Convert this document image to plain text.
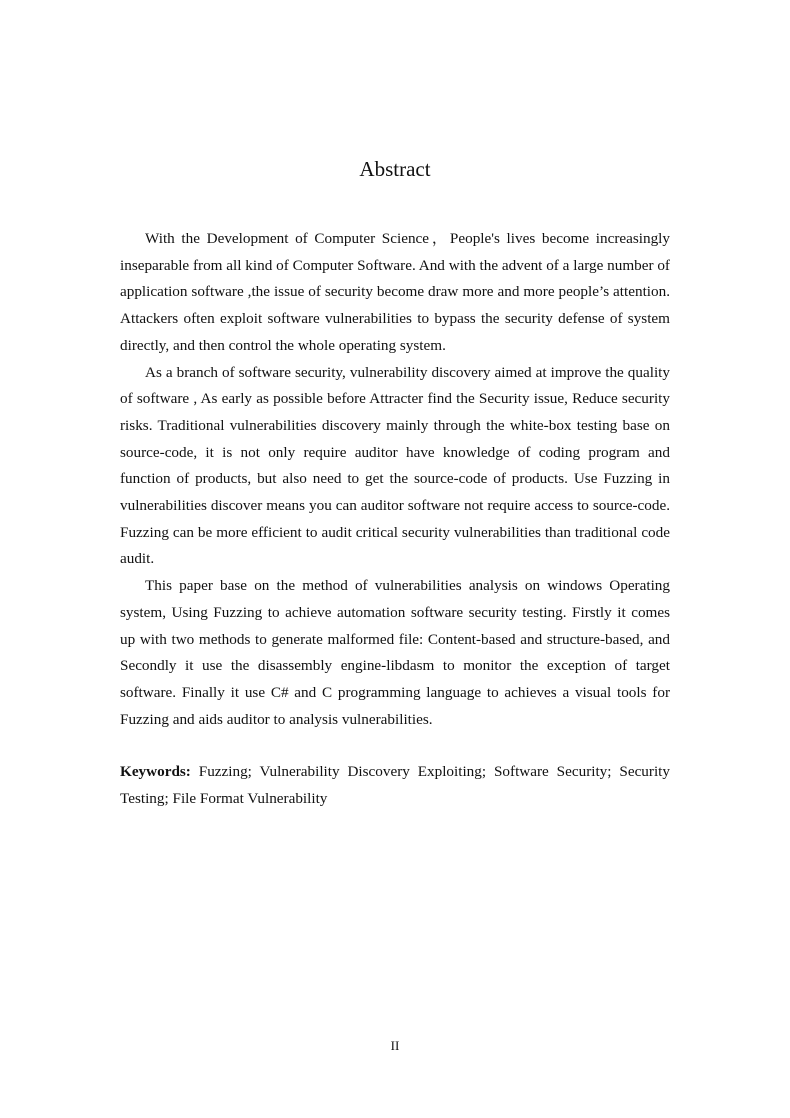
Abstract

With the Development of Computer Science，People's lives become increasingly inseparable from all kind of Computer Software. And with the advent of a large number of application software ,the issue of security become draw more and more people’s attention. Attackers often exploit software vulnerabilities to bypass the security defense of system directly, and then control the whole operating system.

As a branch of software security, vulnerability discovery aimed at improve the quality of software , As early as possible before Attracter find the Security issue, Reduce security risks. Traditional vulnerabilities discovery mainly through the white-box testing base on source-code, it is not only require auditor have knowledge of coding program and function of products, but also need to get the source-code of products. Use Fuzzing in vulnerabilities discover means you can auditor software not require access to source-code. Fuzzing can be more efficient to audit critical security vulnerabilities than traditional code audit.

This paper base on the method of vulnerabilities analysis on windows Operating system, Using Fuzzing to achieve automation software security testing. Firstly it comes up with two methods to generate malformed file: Content-based and structure-based, and Secondly it use the disassembly engine-libdasm to monitor the exception of target software. Finally it use C# and C programming language to achieves a visual tools for Fuzzing and aids auditor to analysis vulnerabilities.

Keywords: Fuzzing; Vulnerability Discovery Exploiting; Software Security; Security Testing; File Format Vulnerability

II
